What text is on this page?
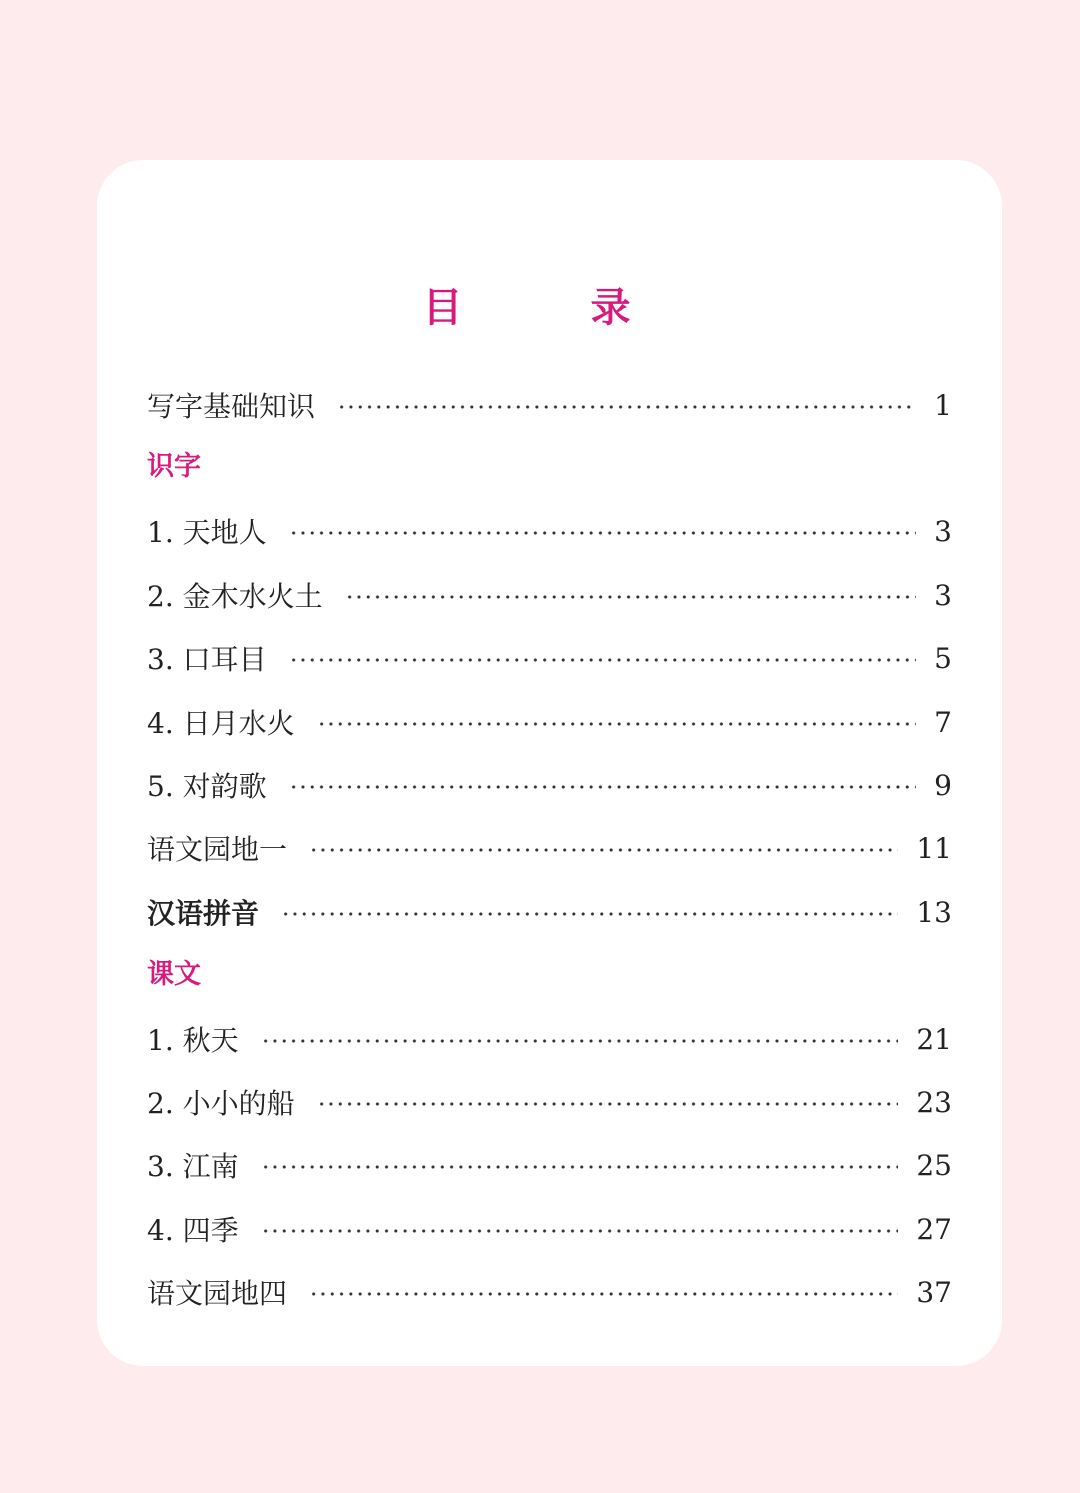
目　录
写字基础知识	1
识字
1. 天地人	3
2. 金木水火土	3
3. 口耳目	5
4. 日月水火	7
5. 对韵歌	9
语文园地一	11
汉语拼音	13
课文
1. 秋天	21
2. 小小的船	23
3. 江南	25
4. 四季	27
语文园地四	37
